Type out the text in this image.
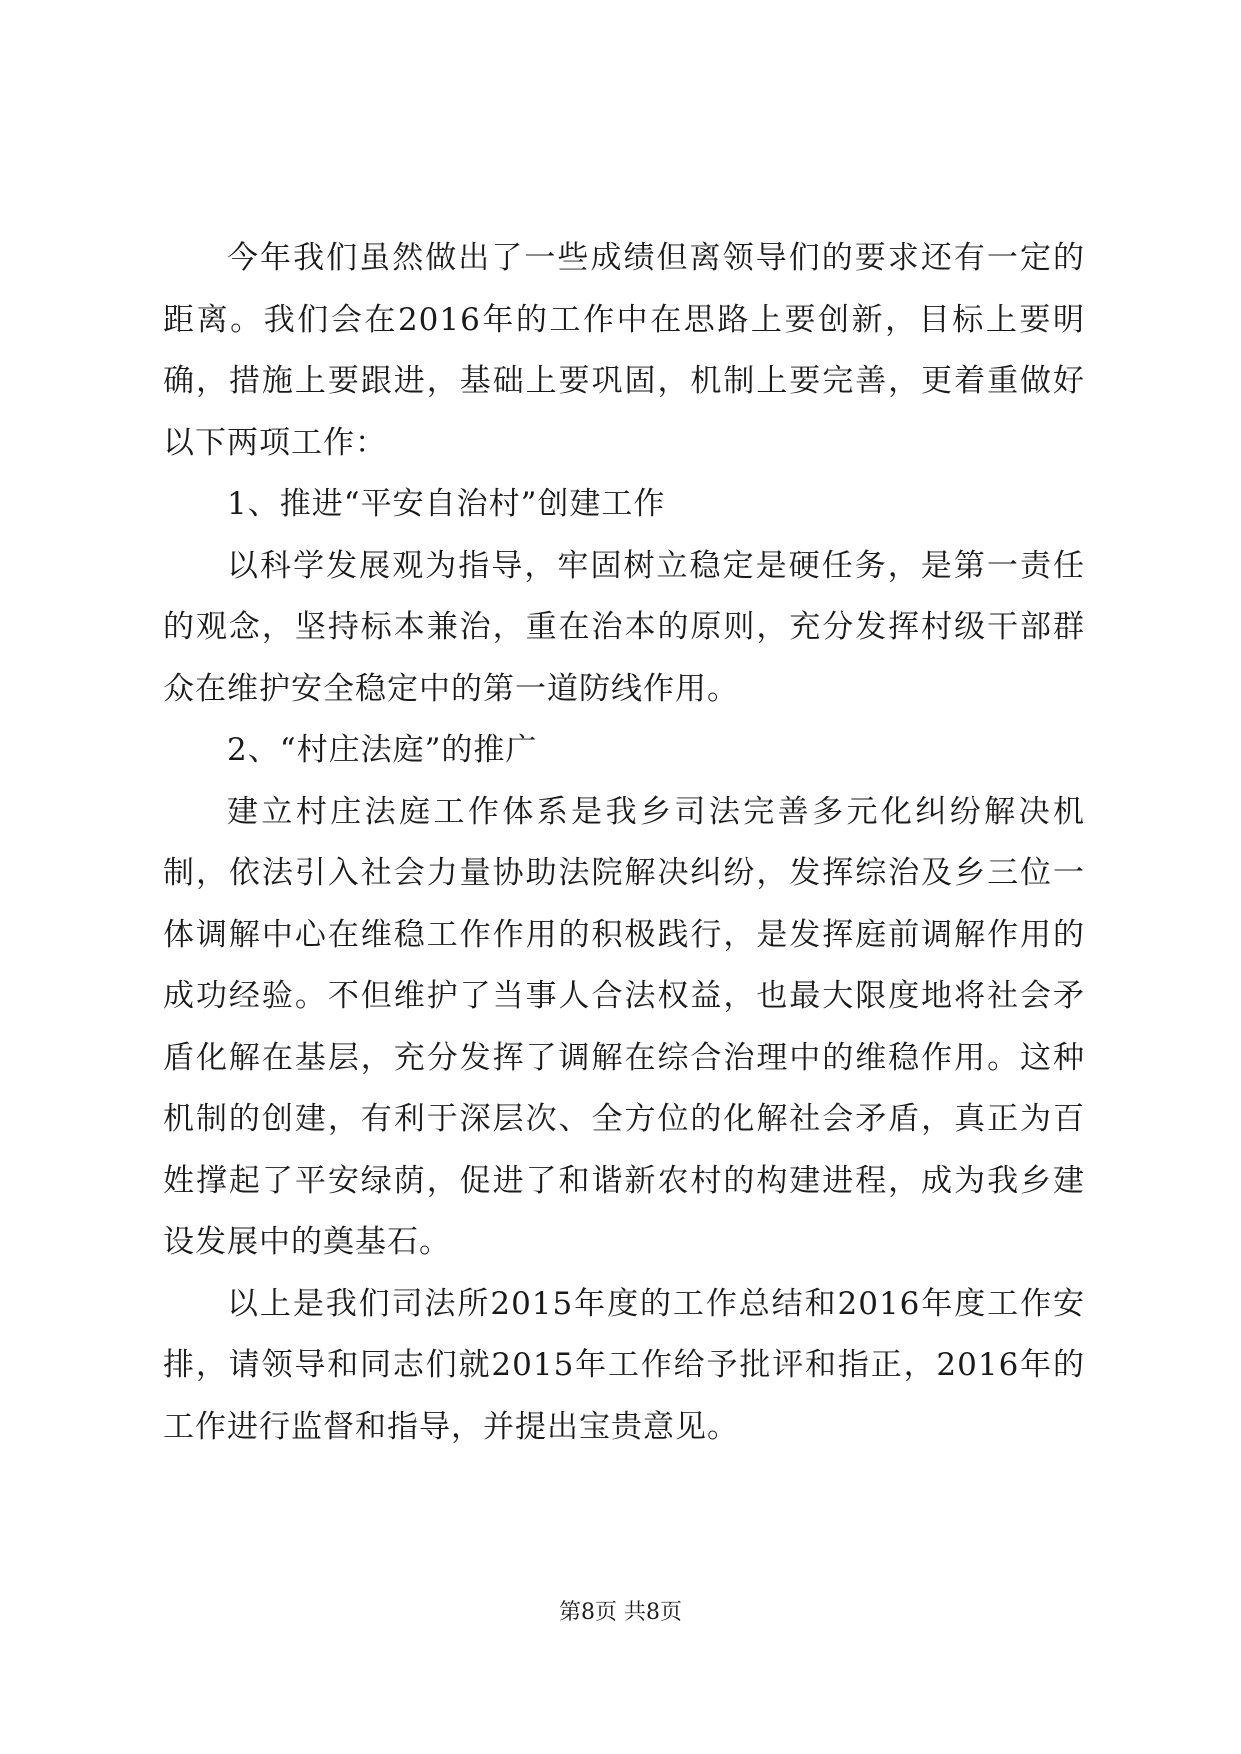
今年我们虽然做出了一些成绩但离领导们的要求还有一定的距离。我们会在2016年的工作中在思路上要创新，目标上要明确，措施上要跟进，基础上要巩固，机制上要完善，更着重做好以下两项工作：

1、推进“平安自治村”创建工作

以科学发展观为指导，牢固树立稳定是硬任务，是第一责任的观念，坚持标本兼治，重在治本的原则，充分发挥村级干部群众在维护安全稳定中的第一道防线作用。

2、“村庄法庭”的推广

建立村庄法庭工作体系是我乡司法完善多元化纠纷解决机制，依法引入社会力量协助法院解决纠纷，发挥综治及乡三位一体调解中心在维稳工作作用的积极践行，是发挥庭前调解作用的成功经验。不但维护了当事人合法权益，也最大限度地将社会矛盾化解在基层，充分发挥了调解在综合治理中的维稳作用。这种机制的创建，有利于深层次、全方位的化解社会矛盾，真正为百姓撑起了平安绿荫，促进了和谐新农村的构建进程，成为我乡建设发展中的奠基石。

以上是我们司法所2015年度的工作总结和2016年度工作安排，请领导和同志们就2015年工作给予批评和指正，2016年的工作进行监督和指导，并提出宝贵意见。

第8页 共8页
